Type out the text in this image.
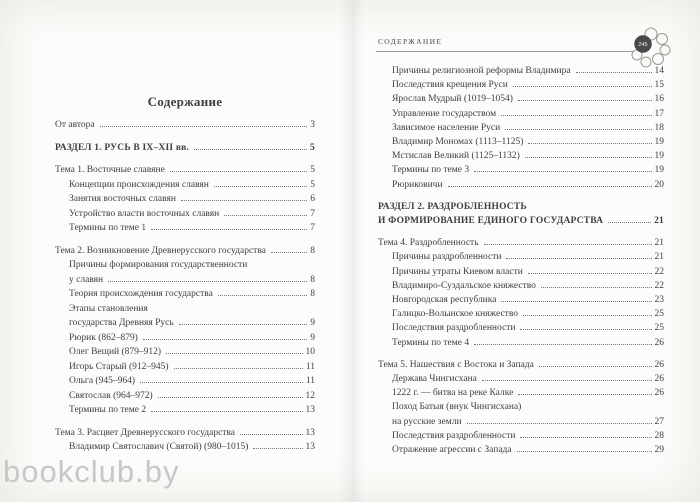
Содержание
От автора	3
РАЗДЕЛ 1. РУСЬ В IX–XII вв.	5
Тема 1. Восточные славяне	5
Концепции происхождения славян	5
Занятия восточных славян	6
Устройство власти восточных славян	7
Термины по теме 1	7
Тема 2. Возникновение Древнерусского государства	8
Причины формирования государственности
у славян	8
Теория происхождения государства	8
Этапы становления
государства Древняя Русь	9
Рюрик (862–879)	9
Олег Вещий (879–912)	10
Игорь Старый (912–945)	11
Ольга (945–964)	11
Святослав (964–972)	12
Термины по теме 2	13
Тема 3. Расцвет Древнерусского государства	13
Владимир Святославич (Святой) (980–1015)	13
СОДЕРЖАНИЕ	245
Причины религиозной реформы Владимира	14
Последствия крещения Руси	15
Ярослав Мудрый (1019–1054)	16
Управление государством	17
Зависимое население Руси	18
Владимир Мономах (1113–1125)	19
Мстислав Великий (1125–1132)	19
Термины по теме 3	19
Рюриковичи	20
РАЗДЕЛ 2. РАЗДРОБЛЕННОСТЬ
И ФОРМИРОВАНИЕ ЕДИНОГО ГОСУДАРСТВА	21
Тема 4. Раздробленность	21
Причины раздробленности	21
Причины утраты Киевом власти	22
Владимиро-Суздальское княжество	22
Новгородская республика	23
Галицко-Волынское княжество	25
Последствия раздробленности	25
Термины по теме 4	26
Тема 5. Нашествия с Востока и Запада	26
Держава Чингисхана	26
1222 г. — битва на реке Калке	26
Поход Батыя (внук Чингисхана)
на русские земли	27
Последствия раздробленности	28
Отражение агрессии с Запада	29
bookclub.by
